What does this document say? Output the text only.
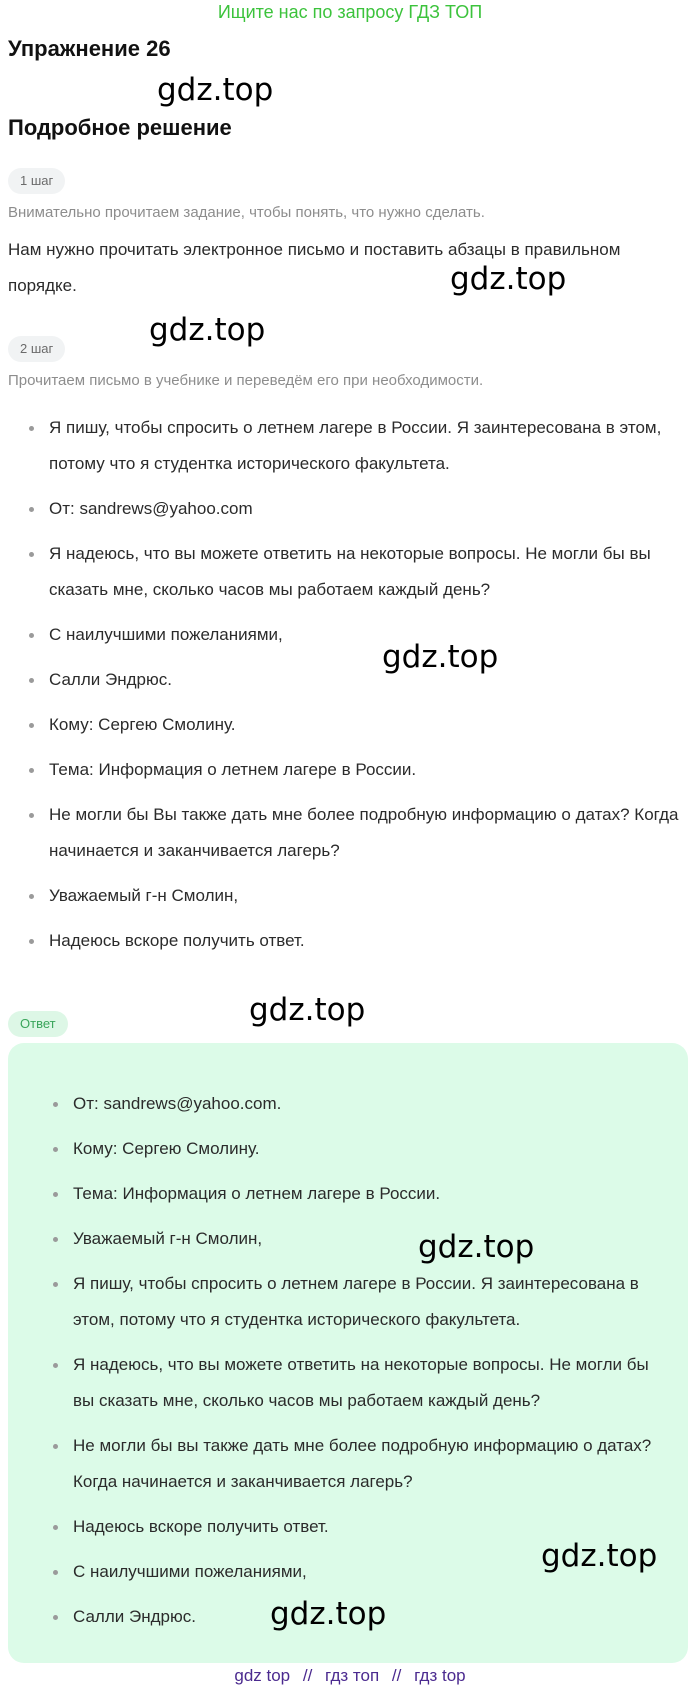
Ищите нас по запросу ГДЗ ТОП
Упражнение 26
Подробное решение
1 шаг
Внимательно прочитаем задание, чтобы понять, что нужно сделать.
Нам нужно прочитать электронное письмо и поставить абзацы в правильном порядке.
2 шаг
Прочитаем письмо в учебнике и переведём его при необходимости.
Я пишу, чтобы спросить о летнем лагере в России. Я заинтересована в этом, потому что я студентка исторического факультета.
От: sandrews@yahoo.com
Я надеюсь, что вы можете ответить на некоторые вопросы. Не могли бы вы сказать мне, сколько часов мы работаем каждый день?
С наилучшими пожеланиями,
Салли Эндрюс.
Кому: Сергею Смолину.
Тема: Информация о летнем лагере в России.
Не могли бы Вы также дать мне более подробную информацию о датах? Когда начинается и заканчивается лагерь?
Уважаемый г-н Смолин,
Надеюсь вскоре получить ответ.
Ответ
От: sandrews@yahoo.com.
Кому: Сергею Смолину.
Тема: Информация о летнем лагере в России.
Уважаемый г-н Смолин,
Я пишу, чтобы спросить о летнем лагере в России. Я заинтересована в этом, потому что я студентка исторического факультета.
Я надеюсь, что вы можете ответить на некоторые вопросы. Не могли бы вы сказать мне, сколько часов мы работаем каждый день?
Не могли бы вы также дать мне более подробную информацию о датах? Когда начинается и заканчивается лагерь?
Надеюсь вскоре получить ответ.
С наилучшими пожеланиями,
Салли Эндрюс.
gdz.top
gdz.top
gdz.top
gdz.top
gdz.top
gdz.top
gdz.top
gdz.top
gdz top // гдз топ // гдз top
